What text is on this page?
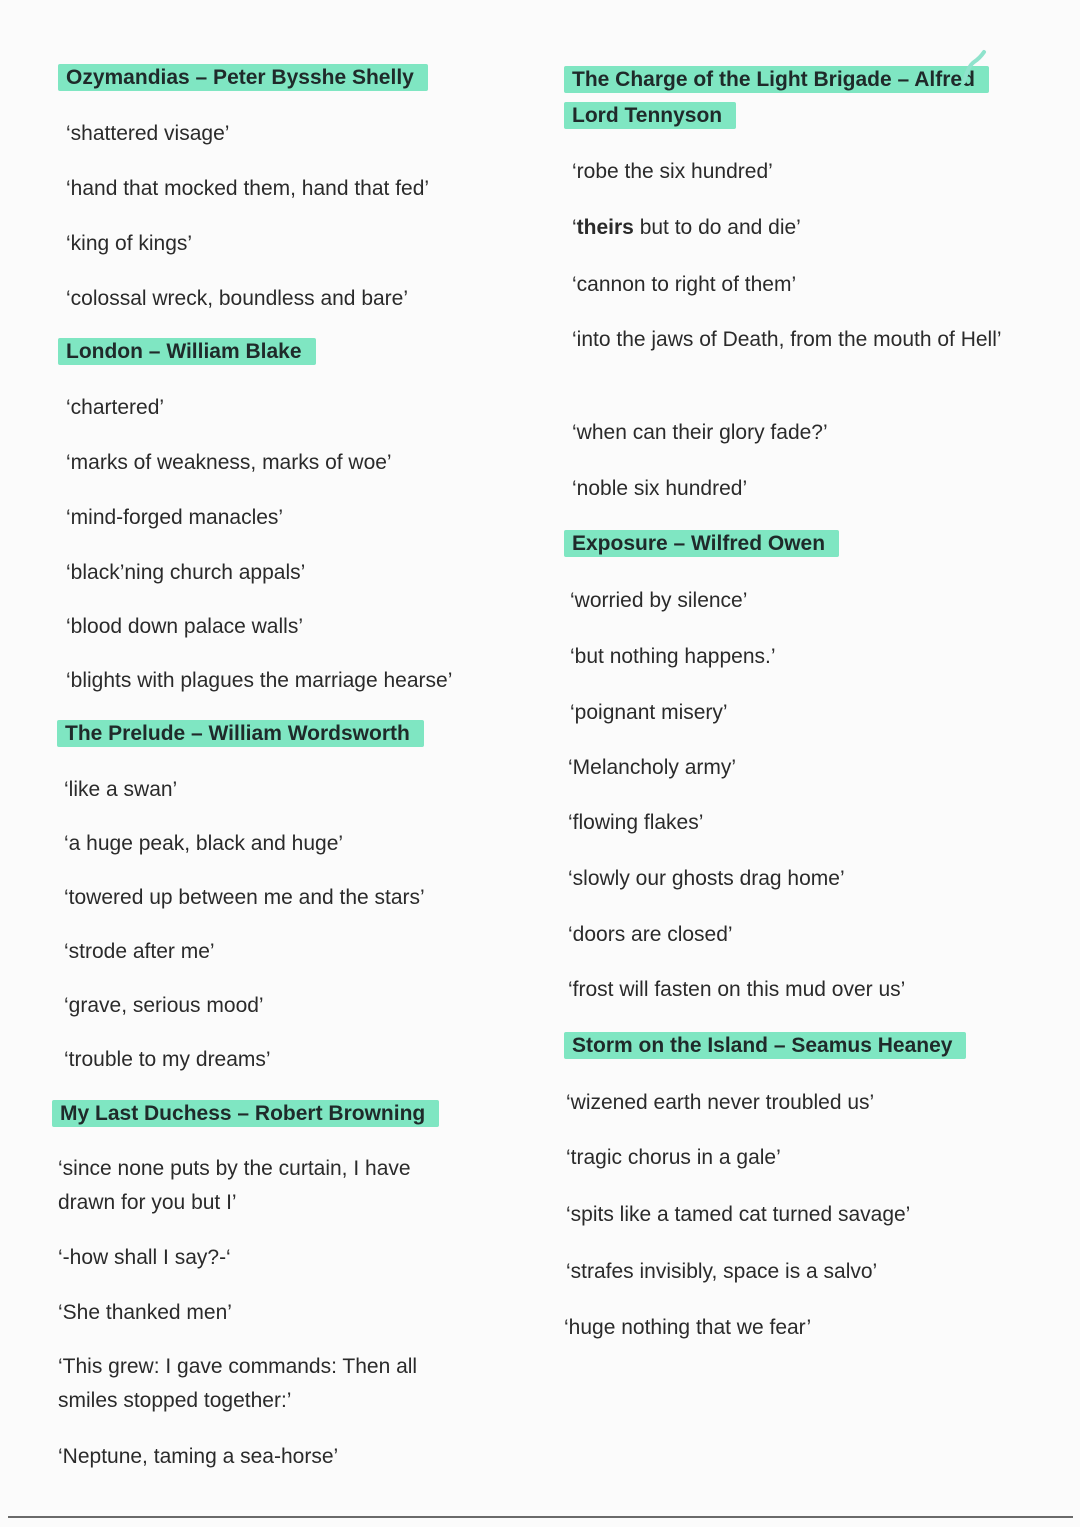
Ozymandias – Peter Bysshe Shelly
‘shattered visage’
‘hand that mocked them, hand that fed’
‘king of kings’
‘colossal wreck, boundless and bare’
London – William Blake
‘chartered’
‘marks of weakness, marks of woe’
‘mind-forged manacles’
‘black’ning church appals’
‘blood down palace walls’
‘blights with plagues the marriage hearse’
The Prelude – William Wordsworth
‘like a swan’
‘a huge peak, black and huge’
‘towered up between me and the stars’
‘strode after me’
‘grave, serious mood’
‘trouble to my dreams’
My Last Duchess – Robert Browning
‘since none puts by the curtain, I have drawn for you but I’
‘-how shall I say?-‘
‘She thanked men’
‘This grew: I gave commands: Then all smiles stopped together:’
‘Neptune, taming a sea-horse’
The Charge of the Light Brigade – Alfred Lord Tennyson
‘robe the six hundred’
‘theirs but to do and die’
‘cannon to right of them’
‘into the jaws of Death, from the mouth of Hell’
‘when can their glory fade?’
‘noble six hundred’
Exposure – Wilfred Owen
‘worried by silence’
‘but nothing happens.’
‘poignant misery’
‘Melancholy army’
‘flowing flakes’
‘slowly our ghosts drag home’
‘doors are closed’
‘frost will fasten on this mud over us’
Storm on the Island – Seamus Heaney
‘wizened earth never troubled us’
‘tragic chorus in a gale’
‘spits like a tamed cat turned savage’
‘strafes invisibly, space is a salvo’
‘huge nothing that we fear’
